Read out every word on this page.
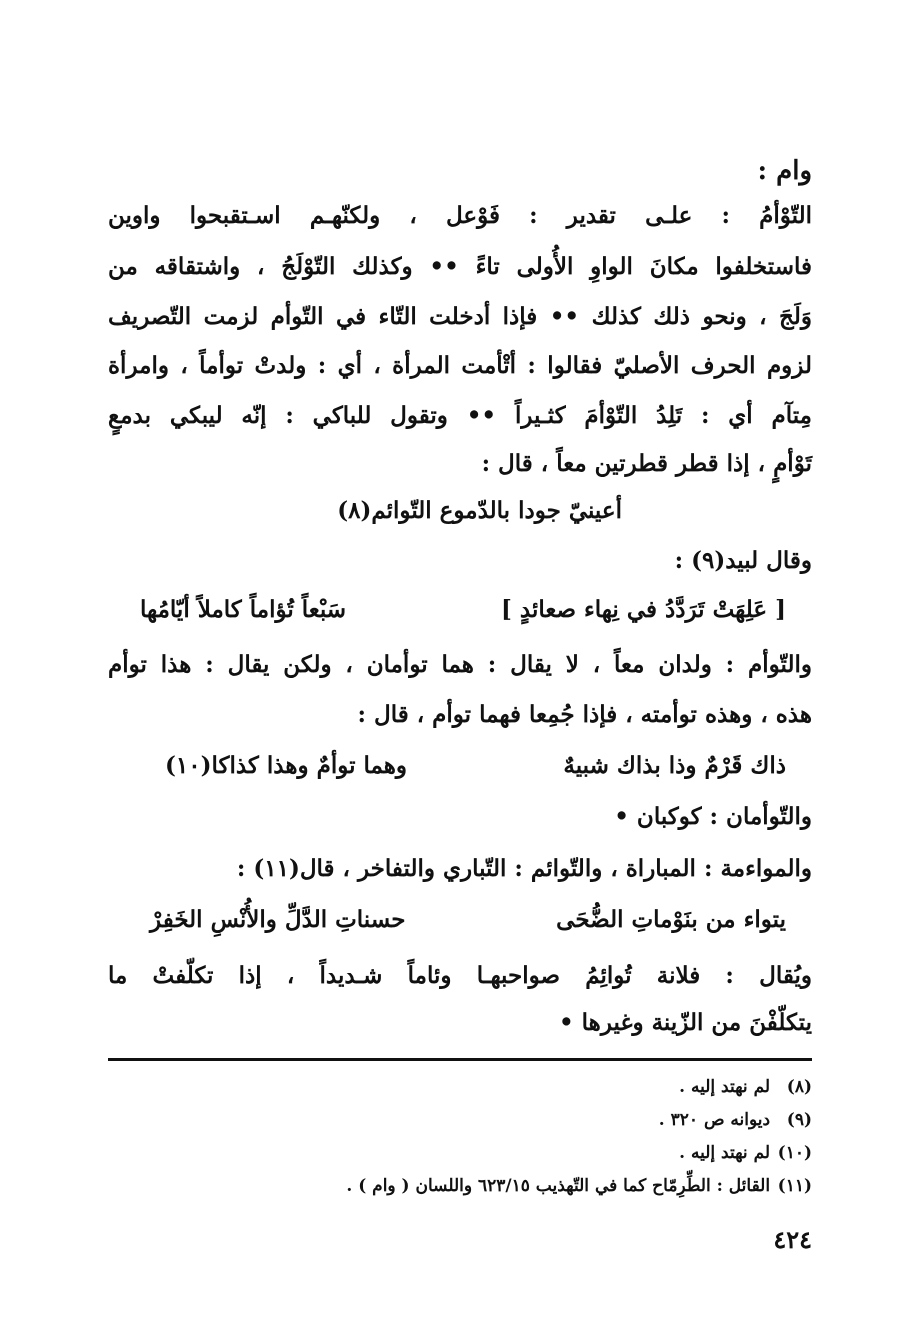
وام :
التّوْأمُ : علـى تقدير : فَوْعل ، ولكنّهـم اسـتقبحوا واوين
فاستخلفوا مكانَ الواوِ الأُولى تاءً •• وكذلك التّوْلَجُ ، واشتقاقه من
وَلَجَ ، ونحو ذلك كذلك •• فإذا أدخلت التّاء في التّوأم لزمت التّصريف
لزوم الحرف الأصليّ فقالوا : أتْأمت المرأة ، أي : ولدتْ توأماً ، وامرأة
مِتآم أي : تَلِدُ التّوْأمَ كثـيراً •• وتقول للباكي : إنّه ليبكي بدمعٍ
تَوْأمٍ ، إذا قطر قطرتين معاً ، قال :
أعينيّ جودا بالدّموع التّوائم(٨)
وقال لبيد(٩) :
[ عَلِهَتْ تَرَدَّدُ في نِهاء صعائدٍ ]
سَبْعاً تُؤاماً كاملاً أيّامُها
والتّوأم : ولدان معاً ، لا يقال : هما توأمان ، ولكن يقال : هذا توأم
هذه ، وهذه توأمته ، فإذا جُمِعا فهما توأم ، قال :
ذاك قَرْمٌ وذا بذاك شبيهٌ
وهما توأمٌ وهذا كذاكا(١٠)
والتّوأمان : كوكبان •
والمواءمة : المباراة ، والتّوائم : التّباري والتفاخر ، قال(١١) :
يتواء من بنَوْماتِ الضُّحَى
حسناتِ الدَّلِّ والأُنْسِ الخَفِرْ
ويُقال : فلانة تُوائِمُ صواحبهـا وئاماً شـديداً ، إذا تكلّفتْ ما
يتكلّفْنَ من الزّينة وغيرها •
(٨) لم نهتد إليه .
(٩) ديوانه ص ٣٢٠ .
(١٠) لم نهتد إليه .
(١١) القائل : الطِّرِمّاح كما في التّهذيب ٦٢٣/١٥ واللسان ( وام ) .
٤٢٤
